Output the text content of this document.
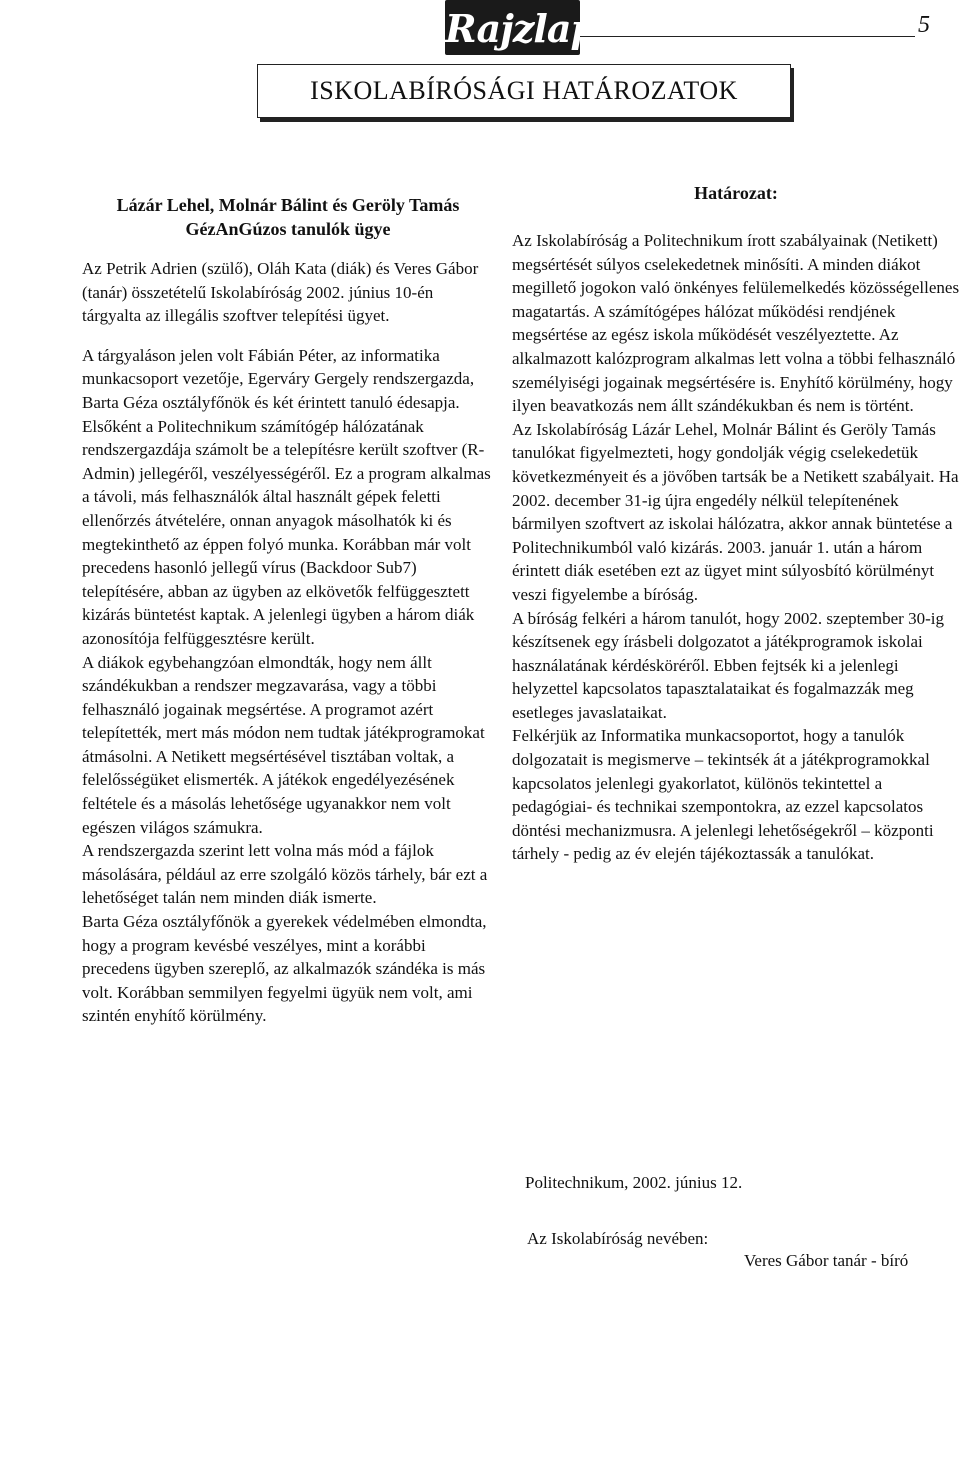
Rajzlap	5
ISKOLABÍRÓSÁGI HATÁROZATOK
Lázár Lehel, Molnár Bálint és Geröly Tamás GézAnGúzos tanulók ügye

Az Petrik Adrien (szülő), Oláh Kata (diák) és Veres Gábor (tanár) összetételű Iskolabíróság 2002. június 10-én tárgyalta az illegális szoftver telepítési ügyet.

A tárgyaláson jelen volt Fábián Péter, az informatika munkacsoport vezetője, Egerváry Gergely rendszergazda, Barta Géza osztályfőnök és két érintett tanuló édesapja.

Elsőként a Politechnikum számítógép hálózatának rendszergazdája számolt be a telepítésre került szoftver (R-Admin) jellegéről, veszélyességéről. Ez a program alkalmas a távoli, más felhasználók által használt gépek feletti ellenőrzés átvételére, onnan anyagok másolhatók ki és megtekinthető az éppen folyó munka. Korábban már volt precedens hasonló jellegű vírus (Backdoor Sub7) telepítésére, abban az ügyben az elkövetők felfüggesztett kizárás büntetést kaptak. A jelenlegi ügyben a három diák azonosítója felfüggesztésre került.

A diákok egybehangzóan elmondták, hogy nem állt szándékukban a rendszer megzavarása, vagy a többi felhasználó jogainak megsértése. A programot azért telepítették, mert más módon nem tudtak játékprogramokat átmásolni. A Netikett megsértésével tisztában voltak, a felelősségüket elismerték. A játékok engedélyezésének feltétele és a másolás lehetősége ugyanakkor nem volt egészen világos számukra.

A rendszergazda szerint lett volna más mód a fájlok másolására, például az erre szolgáló közös tárhely, bár ezt a lehetőséget talán nem minden diák ismerte.

Barta Géza osztályfőnök a gyerekek védelmében elmondta, hogy a program kevésbé veszélyes, mint a korábbi precedens ügyben szereplő, az alkalmazók szándéka is más volt. Korábban semmilyen fegyelmi ügyük nem volt, ami szintén enyhítő körülmény.

Határozat:

Az Iskolabíróság a Politechnikum írott szabályainak (Netikett) megsértését súlyos cselekedetnek minősíti. A minden diákot megillető jogokon való önkényes felülemelkedés közösségellenes magatartás. A számítógépes hálózat működési rendjének megsértése az egész iskola működését veszélyeztette. Az alkalmazott kalózprogram alkalmas lett volna a többi felhasználó személyiségi jogainak megsértésére is. Enyhítő körülmény, hogy ilyen beavatkozás nem állt szándékukban és nem is történt.

Az Iskolabíróság Lázár Lehel, Molnár Bálint és Geröly Tamás tanulókat figyelmezteti, hogy gondolják végig cselekedetük következményeit és a jövőben tartsák be a Netikett szabályait. Ha 2002. december 31-ig újra engedély nélkül telepítenének bármilyen szoftvert az iskolai hálózatra, akkor annak büntetése a Politechnikumból való kizárás. 2003. január 1. után a három érintett diák esetében ezt az ügyet mint súlyosbító körülményt veszi figyelembe a bíróság.

A bíróság felkéri a három tanulót, hogy 2002. szeptember 30-ig készítsenek egy írásbeli dolgozatot a játékprogramok iskolai használatának kérdésköréről. Ebben fejtsék ki a jelenlegi helyzettel kapcsolatos tapasztalataikat és fogalmazzák meg esetleges javaslataikat.

Felkérjük az Informatika munkacsoportot, hogy a tanulók dolgozatait is megismerve – tekintsék át a játékprogramokkal kapcsolatos jelenlegi gyakorlatot, különös tekintettel a pedagógiai- és technikai szempontokra, az ezzel kapcsolatos döntési mechanizmusra. A jelenlegi lehetőségekről – központi tárhely - pedig az év elején tájékoztassák a tanulókat.

Politechnikum, 2002. június 12.
Az Iskolabíróság nevében:
Veres Gábor tanár - bíró
